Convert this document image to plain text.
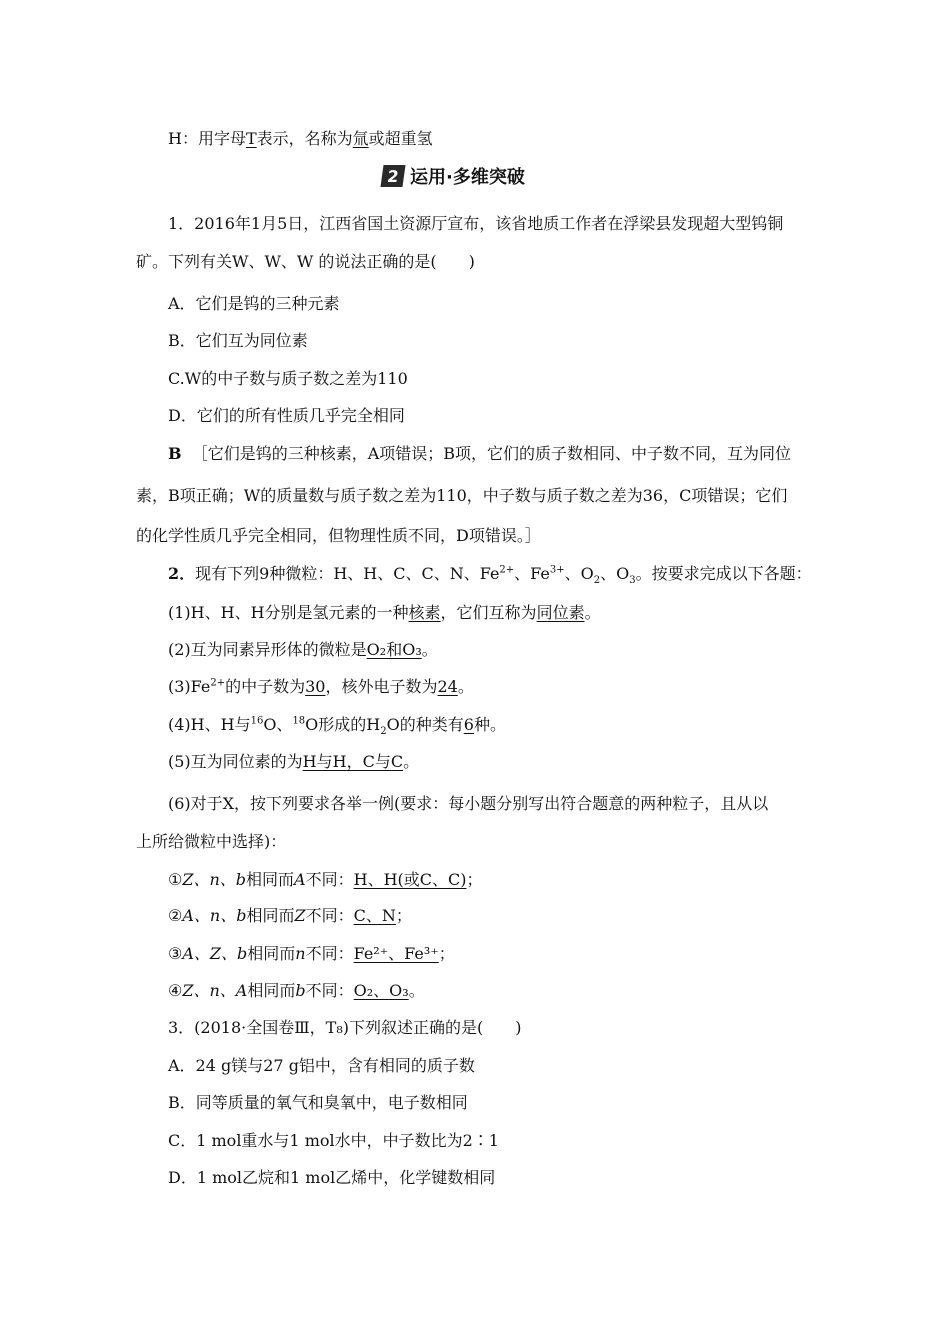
H：用字母T表示，名称为氚或超重氢
2 运用·多维突破
1．2016年1月5日，江西省国土资源厅宣布，该省地质工作者在浮梁县发现超大型钨铜
矿。下列有关W、W、W 的说法正确的是(　　)
A．它们是钨的三种元素
B．它们互为同位素
C.W的中子数与质子数之差为110
D．它们的所有性质几乎完全相同
B ［它们是钨的三种核素，A项错误；B项，它们的质子数相同、中子数不同，互为同位
素，B项正确；W的质量数与质子数之差为110，中子数与质子数之差为36，C项错误；它们
的化学性质几乎完全相同，但物理性质不同，D项错误。］
2．现有下列9种微粒：H、H、C、C、N、$Fe^{2+}$、$Fe^{3+}$、$O_2$、$O_3$。按要求完成以下各题：
(1)H、H、H分别是氢元素的一种核素，它们互称为同位素。
(2)互为同素异形体的微粒是O₂和O₃。
$(3)Fe^{2+}$的中子数为30，核外电子数为24。
(4)H、H与$^{16}$O、$^{18}$O形成的$H_2O$的种类有6种。
(5)互为同位素的为H与H，C与C。
(6)对于X，按下列要求各举一例(要求：每小题分别写出符合题意的两种粒子，且从以
上所给微粒中选择)：
①Z、n、b相同而A不同：H、H(或C、C)；
②A、n、b相同而Z不同：C、N；
③A、Z、b相同而n不同：Fe²⁺、Fe³⁺；
④Z、n、A相同而b不同：O₂、O₃。
3．(2018·全国卷Ⅲ，T₈)下列叙述正确的是(　　)
A．24 g镁与27 g铝中，含有相同的质子数
B．同等质量的氧气和臭氧中，电子数相同
C．1 mol重水与1 mol水中，中子数比为2∶1
D．1 mol乙烷和1 mol乙烯中，化学键数相同
